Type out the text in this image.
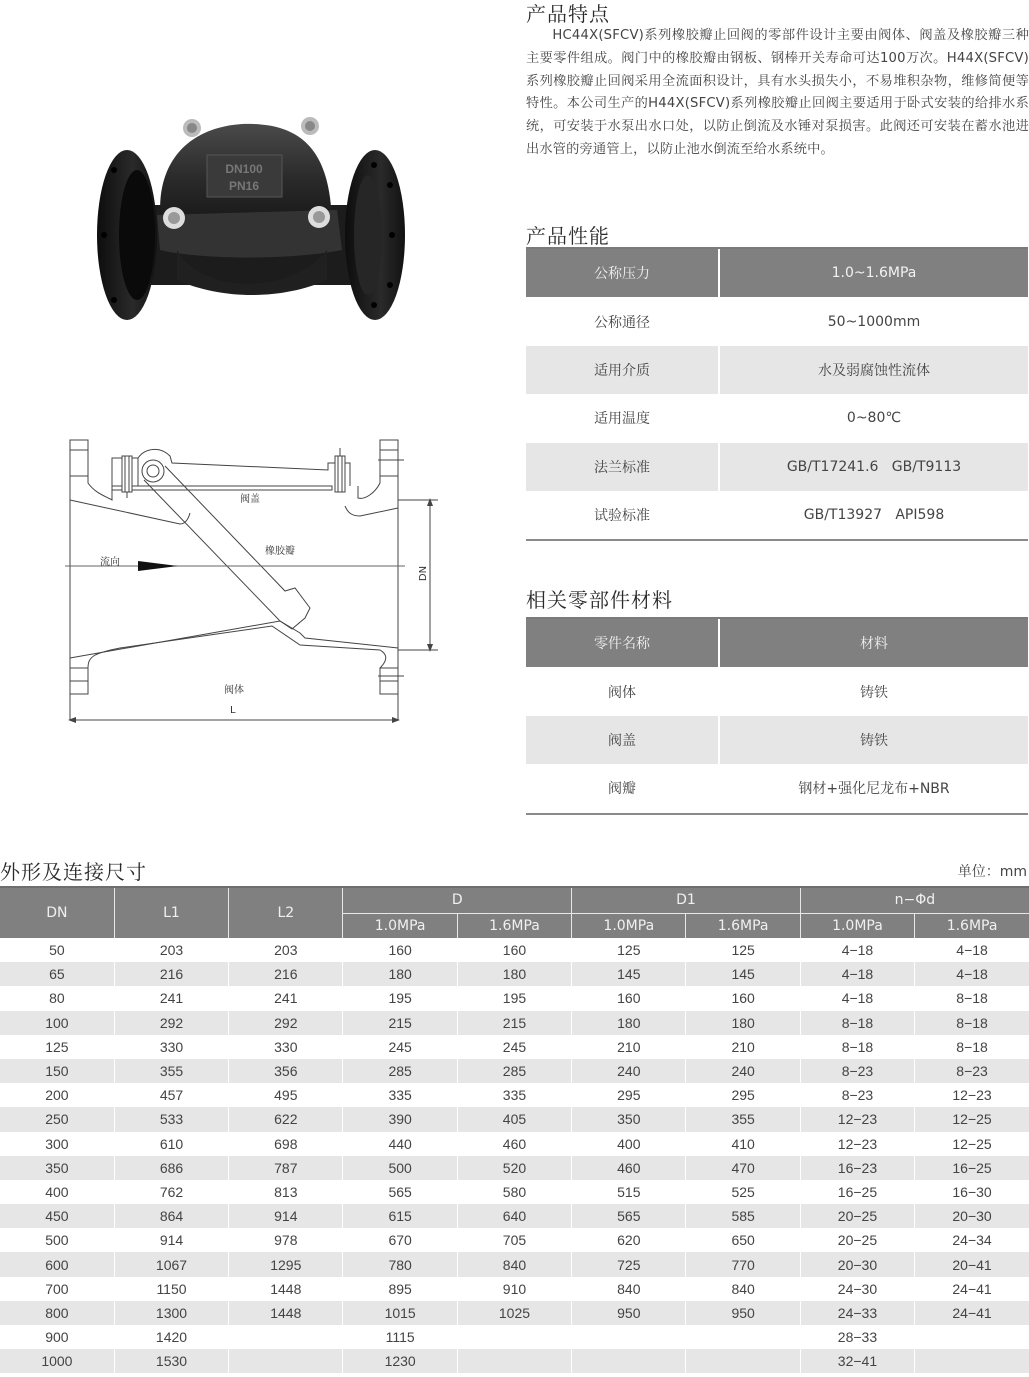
DN100
PN16
阀盖
橡胶瓣
流向
阀体
DN
L
产品特点

HC44X(SFCV)系列橡胶瓣止回阀的零部件设计主要由阀体、阀盖及橡胶瓣三种主要零件组成。阀门中的橡胶瓣由钢板、钢棒开关寿命可达100万次。H44X(SFCV)系列橡胶瓣止回阀采用全流面积设计，具有水头损失小，不易堆积杂物，维修简便等特性。本公司生产的H44X(SFCV)系列橡胶瓣止回阀主要适用于卧式安装的给排水系统，可安装于水泵出水口处，以防止倒流及水锤对泵损害。此阀还可安装在蓄水池进出水管的旁通管上，以防止池水倒流至给水系统中。

产品性能
公称压力	1.0~1.6MPa
公称通径	50~1000mm
适用介质	水及弱腐蚀性流体
适用温度	0~80℃
法兰标准	GB/T17241.6   GB/T9113
试验标准	GB/T13927   API598
相关零部件材料
零件名称	材料
阀体	铸铁
阀盖	铸铁
阀瓣	钢材+强化尼龙布+NBR
外形及连接尺寸	单位：mm
DN	L1	L2	D		D1		n−Φd	
			1.0MPa	1.6MPa	1.0MPa	1.6MPa	1.0MPa	1.6MPa
50	203	203	160	160	125	125	4−18	4−18
65	216	216	180	180	145	145	4−18	4−18
80	241	241	195	195	160	160	4−18	8−18
100	292	292	215	215	180	180	8−18	8−18
125	330	330	245	245	210	210	8−18	8−18
150	355	356	285	285	240	240	8−23	8−23
200	457	495	335	335	295	295	8−23	12−23
250	533	622	390	405	350	355	12−23	12−25
300	610	698	440	460	400	410	12−23	12−25
350	686	787	500	520	460	470	16−23	16−25
400	762	813	565	580	515	525	16−25	16−30
450	864	914	615	640	565	585	20−25	20−30
500	914	978	670	705	620	650	20−25	24−34
600	1067	1295	780	840	725	770	20−30	20−41
700	1150	1448	895	910	840	840	24−30	24−41
800	1300	1448	1015	1025	950	950	24−33	24−41
900	1420		1115				28−33	
1000	1530		1230				32−41	
